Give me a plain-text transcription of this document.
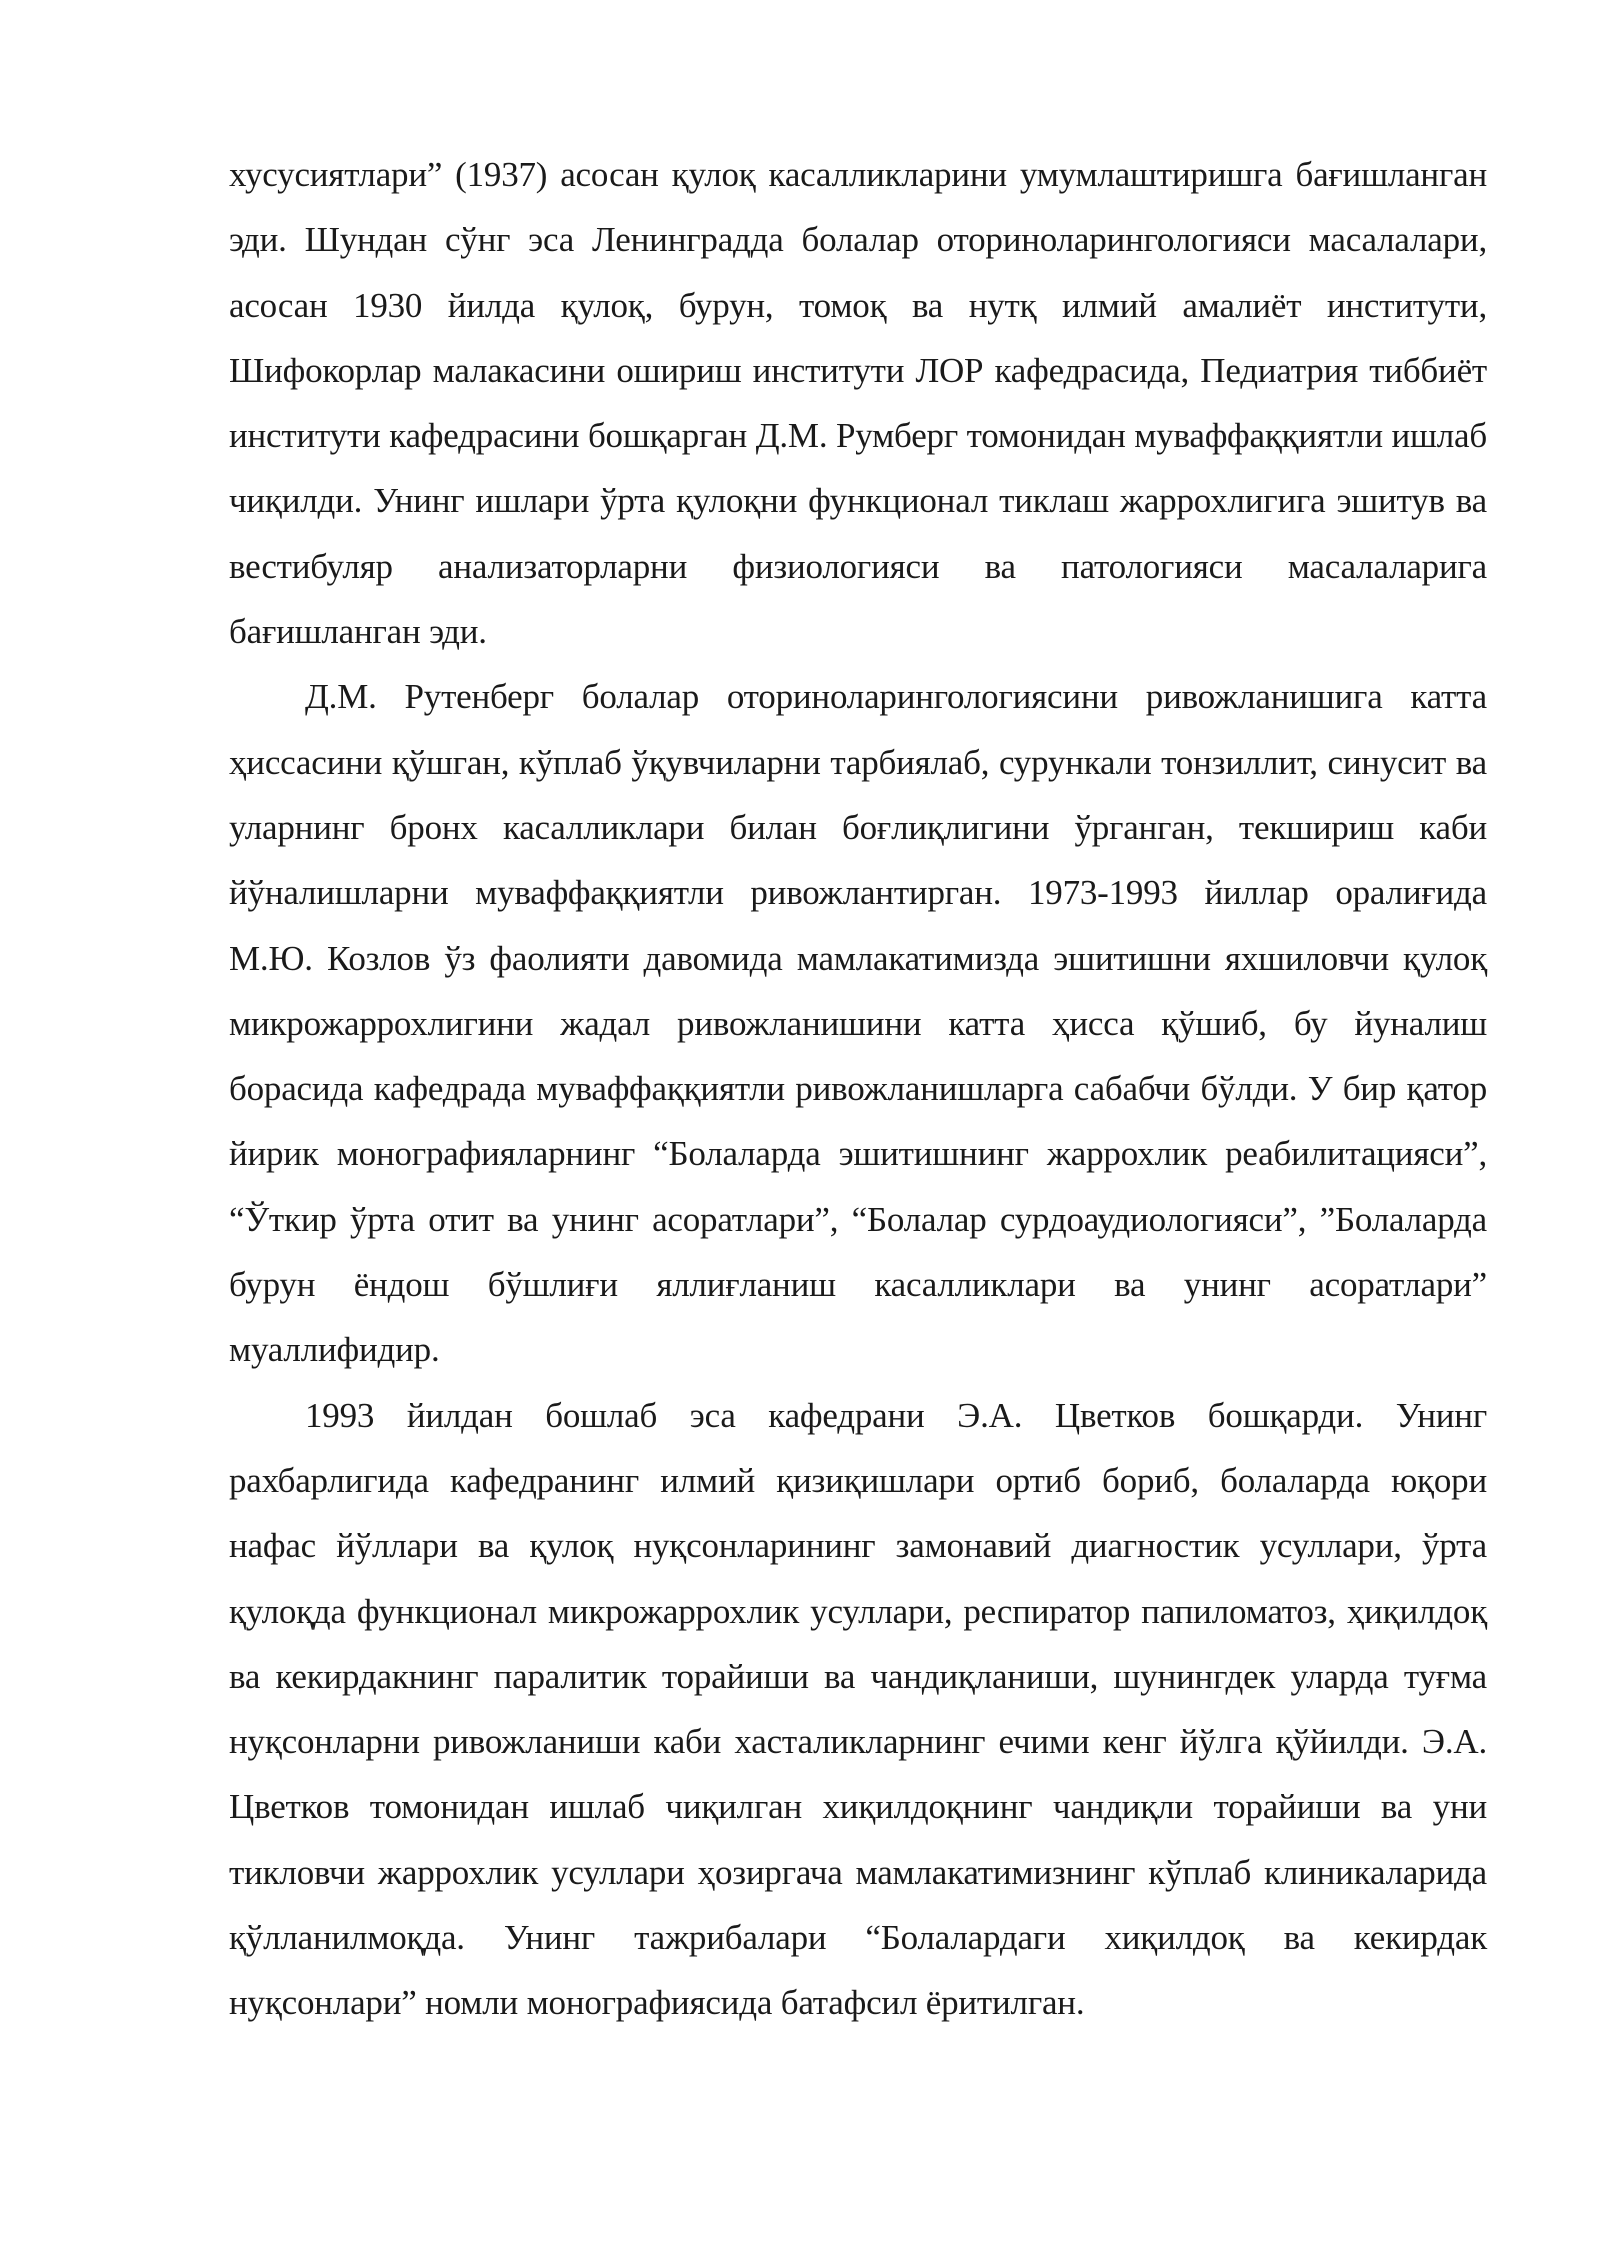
хусусиятлари” (1937) асосан қулоқ касалликларини умумлаштиришга бағишланган эди. Шундан сўнг эса Ленинградда болалар оториноларингологияси масалалари, асосан 1930 йилда қулоқ, бурун, томоқ ва нутқ илмий амалиёт институти, Шифокорлар малакасини ошириш институти ЛОР кафедрасида, Педиатрия тиббиёт институти кафедрасини бошқарган Д.М. Румберг томонидан муваффаққиятли ишлаб чиқилди. Унинг ишлари ўрта қулоқни функционал тиклаш жаррохлигига эшитув ва вестибуляр анализаторларни физиологияси ва патологияси масалаларига бағишланган эди.

Д.М. Рутенберг болалар оториноларингологиясини ривожланишига катта ҳиссасини қўшган, кўплаб ўқувчиларни тарбиялаб, сурункали тонзиллит, синусит ва уларнинг бронх касалликлари билан боғлиқлигини ўрганган, текшириш каби йўналишларни муваффаққиятли ривожлантирган. 1973-1993 йиллар оралиғида М.Ю. Козлов ўз фаолияти давомида мамлакатимизда эшитишни яхшиловчи қулоқ микрожаррохлигини жадал ривожланишини катта ҳисса қўшиб, бу йуналиш борасида кафедрада муваффаққиятли ривожланишларга сабабчи бўлди. У бир қатор йирик монографияларнинг “Болаларда эшитишнинг жаррохлик реабилитацияси”, “Ўткир ўрта отит ва унинг асоратлари”, “Болалар сурдоаудиологияси”, ”Болаларда бурун ёндош бўшлиғи яллиғланиш касалликлари ва унинг асоратлари” муаллифидир.

1993 йилдан бошлаб эса кафедрани Э.А. Цветков бошқарди. Унинг рахбарлигида кафедранинг илмий қизиқишлари ортиб бориб, болаларда юқори нафас йўллари ва қулоқ нуқсонларининг замонавий диагностик усуллари, ўрта қулоқда функционал микрожаррохлик усуллари, респиратор папиломатоз, ҳиқилдоқ ва кекирдакнинг паралитик торайиши ва чандиқланиши, шунингдек уларда туғма нуқсонларни ривожланиши каби хасталикларнинг ечими кенг йўлга қўйилди. Э.А. Цветков томонидан ишлаб чиқилган хиқилдоқнинг чандиқли торайиши ва уни тикловчи жаррохлик усуллари ҳозиргача мамлакатимизнинг кўплаб клиникаларида қўлланилмоқда. Унинг тажрибалари “Болалардаги хиқилдоқ ва кекирдак нуқсонлари” номли монографиясида батафсил ёритилган.
